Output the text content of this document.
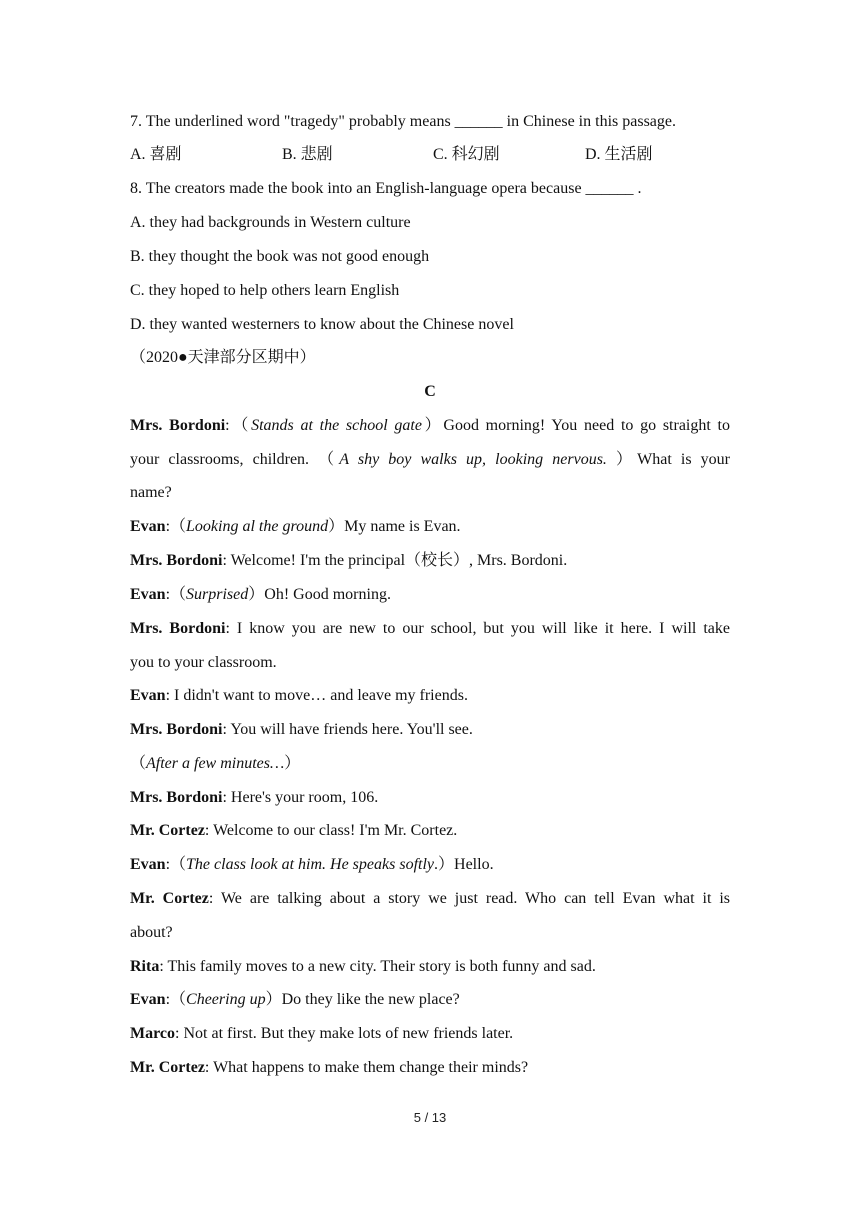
7. The underlined word "tragedy" probably means ______ in Chinese in this passage.
A. 喜剧	B. 悲剧	C. 科幻剧	D. 生活剧
8. The creators made the book into an English-language opera because ______ .
A. they had backgrounds in Western culture
B. they thought the book was not good enough
C. they hoped to help others learn English
D. they wanted westerners to know about the Chinese novel
（2020●天津部分区期中）
C
Mrs. Bordoni:（Stands at the school gate）Good morning! You need to go straight to
your classrooms, children. （A shy boy walks up, looking nervous. ）What is your
name?
Evan:（Looking al the ground）My name is Evan.
Mrs. Bordoni: Welcome! I'm the principal（校长）, Mrs. Bordoni.
Evan:（Surprised）Oh! Good morning.
Mrs. Bordoni: I know you are new to our school, but you will like it here. I will take
you to your classroom.
Evan: I didn't want to move… and leave my friends.
Mrs. Bordoni: You will have friends here. You'll see.
（After a few minutes…）
Mrs. Bordoni: Here's your room, 106.
Mr. Cortez: Welcome to our class! I'm Mr. Cortez.
Evan:（The class look at him. He speaks softly.）Hello.
Mr. Cortez: We are talking about a story we just read. Who can tell Evan what it is
about?
Rita: This family moves to a new city. Their story is both funny and sad.
Evan:（Cheering up）Do they like the new place?
Marco: Not at first. But they make lots of new friends later.
Mr. Cortez: What happens to make them change their minds?
5 / 13
